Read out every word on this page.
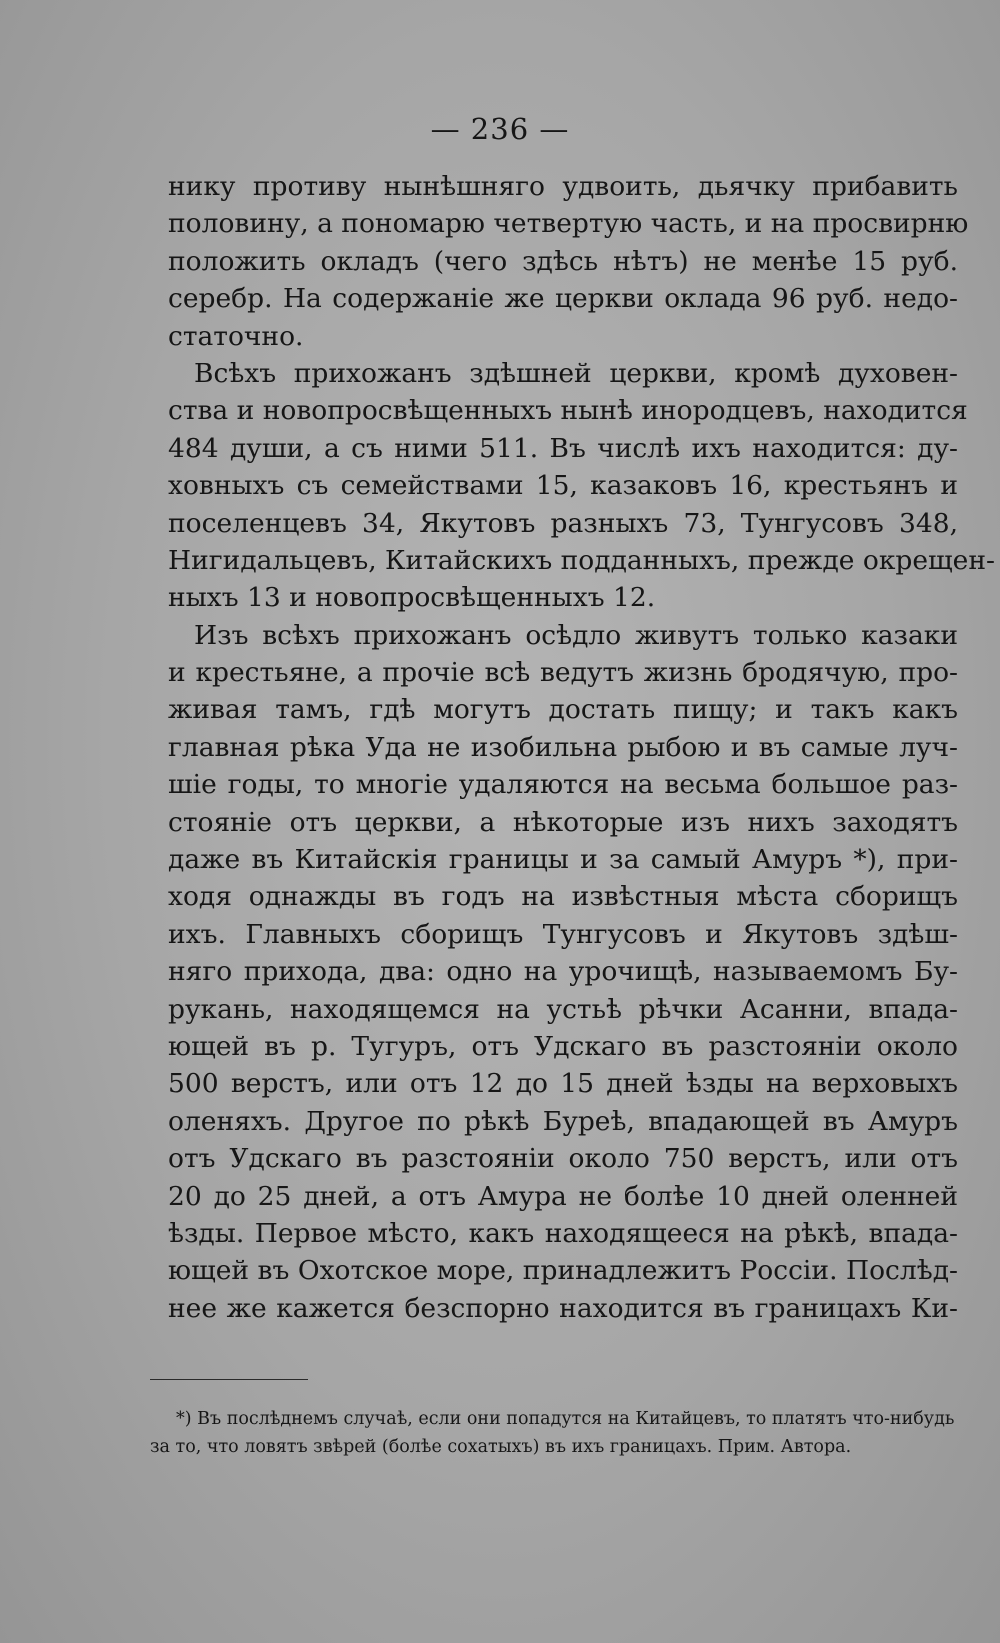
— 236 —
нику противу нынѣшняго удвоить, дьячку прибавить
половину, а пономарю четвертую часть, и на просвирню
положить окладъ (чего здѣсь нѣтъ) не менѣе 15 руб.
серебр. На содержаніе же церкви оклада 96 руб. недо-
статочно.
Всѣхъ прихожанъ здѣшней церкви, кромѣ духовен-
ства и новопросвѣщенныхъ нынѣ инородцевъ, находится
484 души, а съ ними 511. Въ числѣ ихъ находится: ду-
ховныхъ съ семействами 15, казаковъ 16, крестьянъ и
поселенцевъ 34, Якутовъ разныхъ 73, Тунгусовъ 348,
Нигидальцевъ, Китайскихъ подданныхъ, прежде окрещен-
ныхъ 13 и новопросвѣщенныхъ 12.
Изъ всѣхъ прихожанъ осѣдло живутъ только казаки
и крестьяне, а прочіе всѣ ведутъ жизнь бродячую, про-
живая тамъ, гдѣ могутъ достать пищу; и такъ какъ
главная рѣка Уда не изобильна рыбою и въ самые луч-
шіе годы, то многіе удаляются на весьма большое раз-
стояніе отъ церкви, а нѣкоторые изъ нихъ заходятъ
даже въ Китайскія границы и за самый Амуръ *), при-
ходя однажды въ годъ на извѣстныя мѣста сборищъ
ихъ. Главныхъ сборищъ Тунгусовъ и Якутовъ здѣш-
няго прихода, два: одно на урочищѣ, называемомъ Бу-
рукань, находящемся на устьѣ рѣчки Асанни, впада-
ющей въ р. Тугуръ, отъ Удскаго въ разстояніи около
500 верстъ, или отъ 12 до 15 дней ѣзды на верховыхъ
оленяхъ. Другое по рѣкѣ Буреѣ, впадающей въ Амуръ
отъ Удскаго въ разстояніи около 750 верстъ, или отъ
20 до 25 дней, а отъ Амура не болѣе 10 дней оленней
ѣзды. Первое мѣсто, какъ находящееся на рѣкѣ, впада-
ющей въ Охотское море, принадлежитъ Россіи. Послѣд-
нее же кажется безспорно находится въ границахъ Ки-
*) Въ послѣднемъ случаѣ, если они попадутся на Китайцевъ, то платятъ что-нибудь
за то, что ловятъ звѣрей (болѣе сохатыхъ) въ ихъ границахъ. Прим. Автора.
